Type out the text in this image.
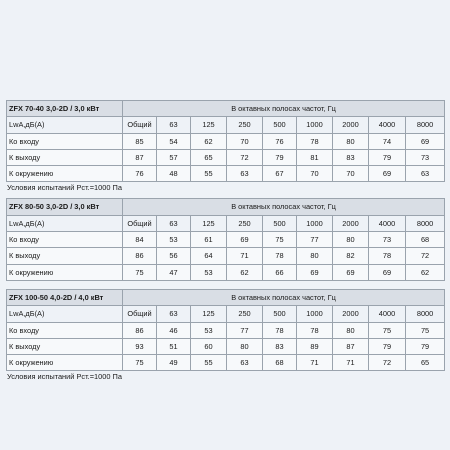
ZFX 70-40 3,0-2D / 3,0 кВт	В октавных полосах частот, Гц								
LwA,дБ(A)	Общий	63	125	250	500	1000	2000	4000	8000
Ко входу	85	54	62	70	76	78	80	74	69
К выходу	87	57	65	72	79	81	83	79	73
К окружению	76	48	55	63	67	70	70	69	63
Условия испытаний Рст.=1000 Па
ZFX 80-50 3,0-2D / 3,0 кВт	В октавных полосах частот, Гц								
LwA,дБ(A)	Общий	63	125	250	500	1000	2000	4000	8000
Ко входу	84	53	61	69	75	77	80	73	68
К выходу	86	56	64	71	78	80	82	78	72
К окружению	75	47	53	62	66	69	69	69	62
ZFX 100-50 4,0-2D / 4,0 кВт	В октавных полосах частот, Гц								
LwA,дБ(A)	Общий	63	125	250	500	1000	2000	4000	8000
Ко входу	86	46	53	77	78	78	80	75	75
К выходу	93	51	60	80	83	89	87	79	79
К окружению	75	49	55	63	68	71	71	72	65
Условия испытаний Рст.=1000 Па
